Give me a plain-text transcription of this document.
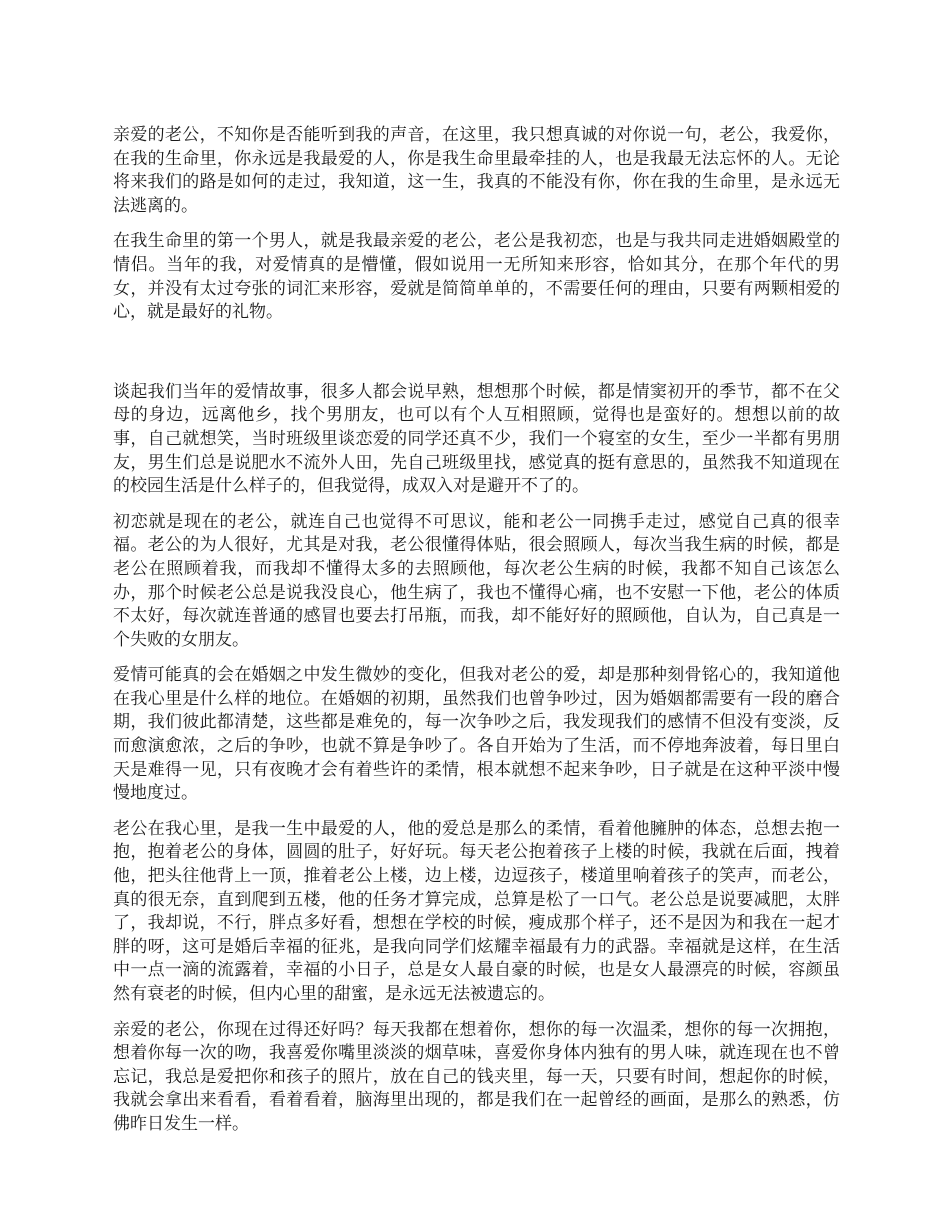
亲爱的老公，不知你是否能听到我的声音，在这里，我只想真诚的对你说一句，老公，我爱你，在我的生命里，你永远是我最爱的人，你是我生命里最牵挂的人，也是我最无法忘怀的人。无论将来我们的路是如何的走过，我知道，这一生，我真的不能没有你，你在我的生命里，是永远无法逃离的。

在我生命里的第一个男人，就是我最亲爱的老公，老公是我初恋，也是与我共同走进婚姻殿堂的情侣。当年的我，对爱情真的是懵懂，假如说用一无所知来形容，恰如其分，在那个年代的男女，并没有太过夸张的词汇来形容，爱就是简简单单的，不需要任何的理由，只要有两颗相爱的心，就是最好的礼物。

谈起我们当年的爱情故事，很多人都会说早熟，想想那个时候，都是情窦初开的季节，都不在父母的身边，远离他乡，找个男朋友，也可以有个人互相照顾，觉得也是蛮好的。想想以前的故事，自己就想笑，当时班级里谈恋爱的同学还真不少，我们一个寝室的女生，至少一半都有男朋友，男生们总是说肥水不流外人田，先自己班级里找，感觉真的挺有意思的，虽然我不知道现在的校园生活是什么样子的，但我觉得，成双入对是避开不了的。

初恋就是现在的老公，就连自己也觉得不可思议，能和老公一同携手走过，感觉自己真的很幸福。老公的为人很好，尤其是对我，老公很懂得体贴，很会照顾人，每次当我生病的时候，都是老公在照顾着我，而我却不懂得太多的去照顾他，每次老公生病的时候，我都不知自己该怎么办，那个时候老公总是说我没良心，他生病了，我也不懂得心痛，也不安慰一下他，老公的体质不太好，每次就连普通的感冒也要去打吊瓶，而我，却不能好好的照顾他，自认为，自己真是一个失败的女朋友。

爱情可能真的会在婚姻之中发生微妙的变化，但我对老公的爱，却是那种刻骨铭心的，我知道他在我心里是什么样的地位。在婚姻的初期，虽然我们也曾争吵过，因为婚姻都需要有一段的磨合期，我们彼此都清楚，这些都是难免的，每一次争吵之后，我发现我们的感情不但没有变淡，反而愈演愈浓，之后的争吵，也就不算是争吵了。各自开始为了生活，而不停地奔波着，每日里白天是难得一见，只有夜晚才会有着些许的柔情，根本就想不起来争吵，日子就是在这种平淡中慢慢地度过。

老公在我心里，是我一生中最爱的人，他的爱总是那么的柔情，看着他臃肿的体态，总想去抱一抱，抱着老公的身体，圆圆的肚子，好好玩。每天老公抱着孩子上楼的时候，我就在后面，拽着他，把头往他背上一顶，推着老公上楼，边上楼，边逗孩子，楼道里响着孩子的笑声，而老公，真的很无奈，直到爬到五楼，他的任务才算完成，总算是松了一口气。老公总是说要减肥，太胖了，我却说，不行，胖点多好看，想想在学校的时候，瘦成那个样子，还不是因为和我在一起才胖的呀，这可是婚后幸福的征兆，是我向同学们炫耀幸福最有力的武器。幸福就是这样，在生活中一点一滴的流露着，幸福的小日子，总是女人最自豪的时候，也是女人最漂亮的时候，容颜虽然有衰老的时候，但内心里的甜蜜，是永远无法被遗忘的。

亲爱的老公，你现在过得还好吗？每天我都在想着你，想你的每一次温柔，想你的每一次拥抱，想着你每一次的吻，我喜爱你嘴里淡淡的烟草味，喜爱你身体内独有的男人味，就连现在也不曾忘记，我总是爱把你和孩子的照片，放在自己的钱夹里，每一天，只要有时间，想起你的时候，我就会拿出来看看，看着看着，脑海里出现的，都是我们在一起曾经的画面，是那么的熟悉，仿佛昨日发生一样。
